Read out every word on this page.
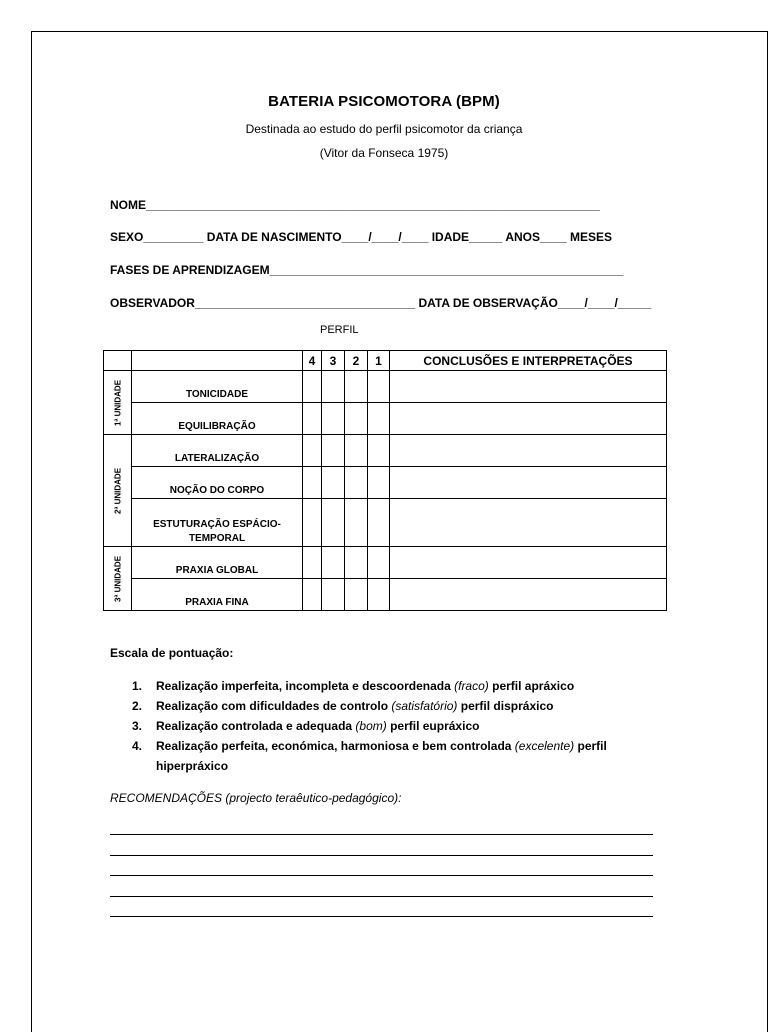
BATERIA PSICOMOTORA (BPM)
Destinada ao estudo do perfil psicomotor da criança
(Vitor da Fonseca 1975)
NOME____________________________________________________________________
SEXO_________ DATA DE NASCIMENTO____/____/____ IDADE_____ ANOS____ MESES
FASES DE APRENDIZAGEM_____________________________________________________
OBSERVADOR_________________________________ DATA DE OBSERVAÇÃO____/____/_____
PERFIL
		4	3	2	1	CONCLUSÕES E INTERPRETAÇÕES

1ª UNIDADE	TONICIDADE					
	EQUILIBRAÇÃO					

2ª UNIDADE	LATERALIZAÇÃO					
	NOÇÃO DO CORPO					
	ESTUTURAÇÃO ESPÁCIO-TEMPORAL					

3ª UNIDADE	PRAXIA GLOBAL					
	PRAXIA FINA					
Escala de pontuação:
1. Realização imperfeita, incompleta e descoordenada (fraco) perfil apráxico
2. Realização com dificuldades de controlo (satisfatório) perfil dispráxico
3. Realização controlada e adequada (bom) perfil eupráxico
4. Realização perfeita, económica, harmoniosa e bem controlada (excelente) perfil hiperpráxico
RECOMENDAÇÕES (projecto teraêutico-pedagógico):
